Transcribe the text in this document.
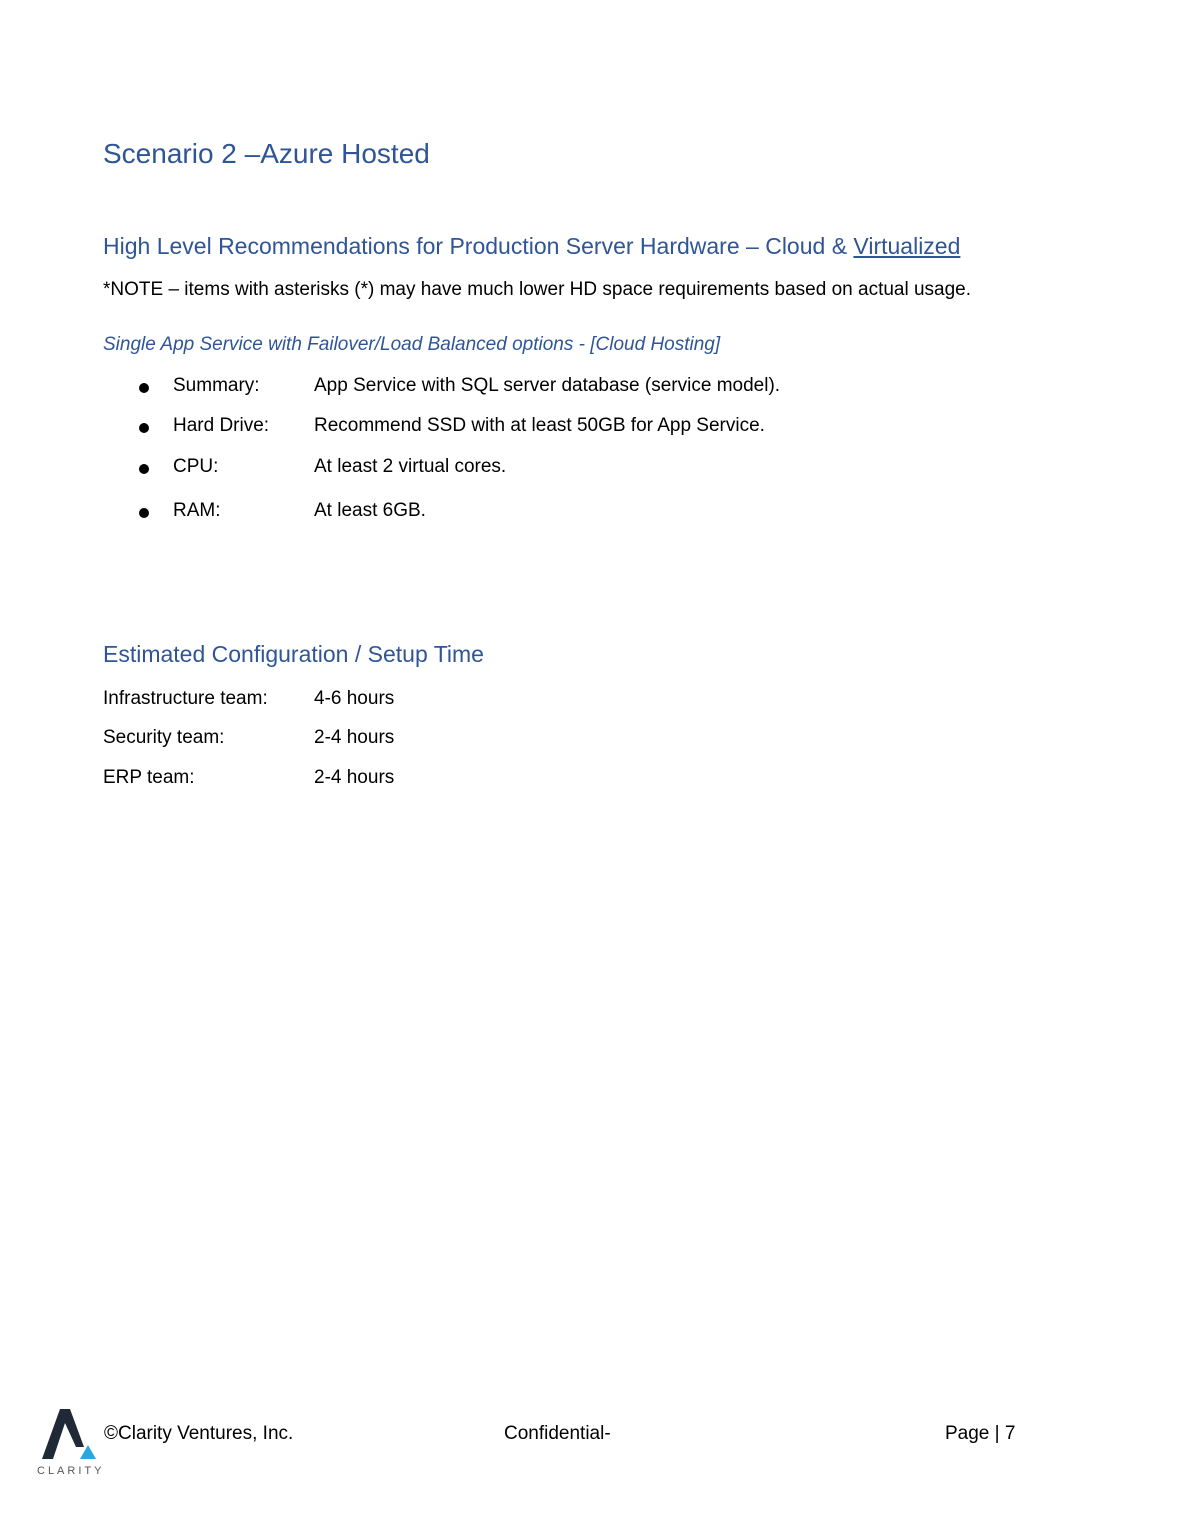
Scenario 2 –Azure Hosted
High Level Recommendations for Production Server Hardware – Cloud & Virtualized
*NOTE – items with asterisks (*) may have much lower HD space requirements based on actual usage.
Single App Service with Failover/Load Balanced options - [Cloud Hosting]
Summary:	App Service with SQL server database (service model).
Hard Drive: Recommend SSD with at least 50GB for App Service.
CPU:	At least 2 virtual cores.
RAM:	At least 6GB.
Estimated Configuration / Setup Time
Infrastructure team: 4-6 hours
Security team:	2-4 hours
ERP team:	2-4 hours
CLARITY
©Clarity Ventures, Inc.	Confidential-	Page | 7
